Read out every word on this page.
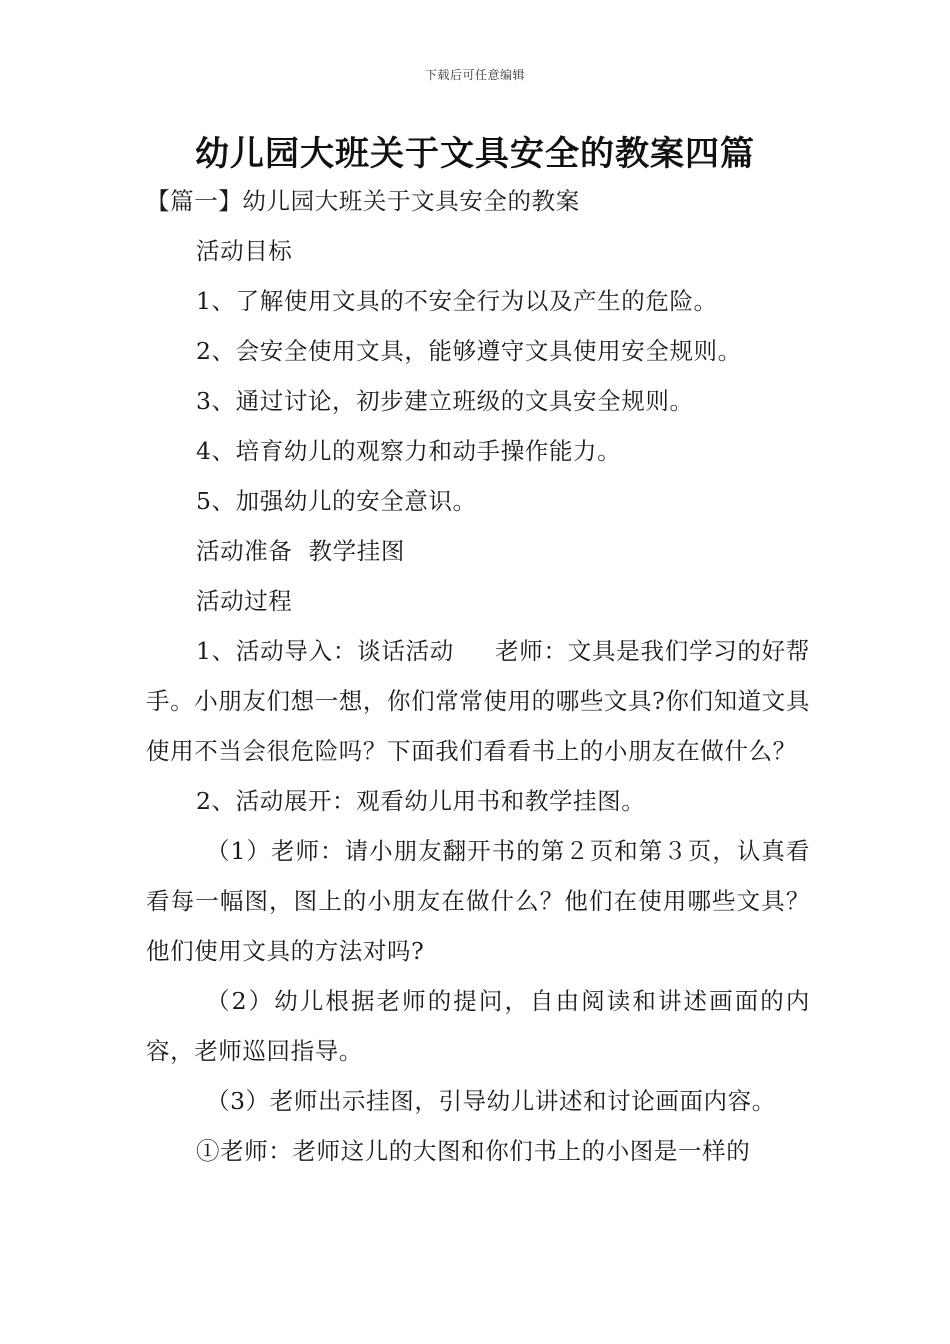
下载后可任意编辑
幼儿园大班关于文具安全的教案四篇

【篇一】幼儿园大班关于文具安全的教案

活动目标

1、了解使用文具的不安全行为以及产生的危险。

2、会安全使用文具，能够遵守文具使用安全规则。

3、通过讨论，初步建立班级的文具安全规则。

4、培育幼儿的观察力和动手操作能力。

5、加强幼儿的安全意识。

活动准备  教学挂图

活动过程

1、活动导入：谈话活动     老师：文具是我们学习的好帮手。小朋友们想一想，你们常常使用的哪些文具?你们知道文具使用不当会很危险吗？下面我们看看书上的小朋友在做什么？

2、活动展开：观看幼儿用书和教学挂图。

（1）老师：请小朋友翻开书的第２页和第３页，认真看看每一幅图，图上的小朋友在做什么？他们在使用哪些文具？他们使用文具的方法对吗?

（2）幼儿根据老师的提问，自由阅读和讲述画面的内容，老师巡回指导。

（3）老师出示挂图，引导幼儿讲述和讨论画面内容。

①老师：老师这儿的大图和你们书上的小图是一样的
